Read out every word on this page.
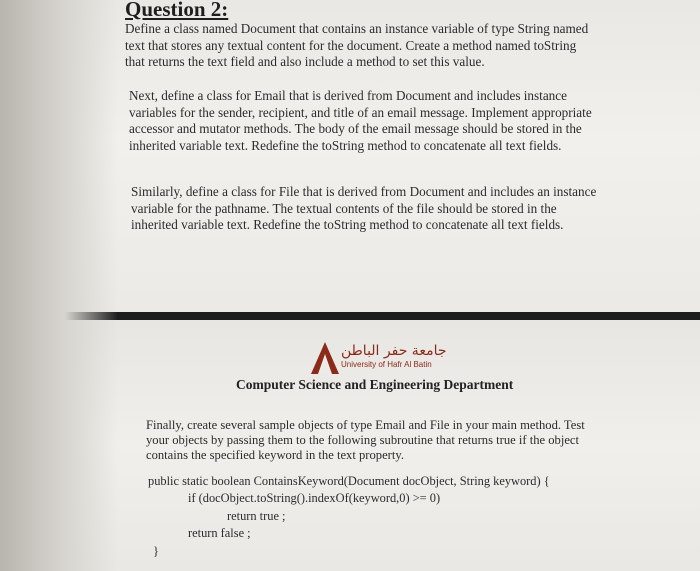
Question 2:
Define a class named Document that contains an instance variable of type String named text that stores any textual content for the document. Create a method named toString that returns the text field and also include a method to set this value.
Next, define a class for Email that is derived from Document and includes instance variables for the sender, recipient, and title of an email message. Implement appropriate accessor and mutator methods. The body of the email message should be stored in the inherited variable text. Redefine the toString method to concatenate all text fields.
Similarly, define a class for File that is derived from Document and includes an instance variable for the pathname. The textual contents of the file should be stored in the inherited variable text. Redefine the toString method to concatenate all text fields.
جامعة حفر الباطن
University of Hafr Al Batin
Computer Science and Engineering Department
Finally, create several sample objects of type Email and File in your main method. Test your objects by passing them to the following subroutine that returns true if the object contains the specified keyword in the text property.
public static boolean ContainsKeyword(Document docObject, String keyword) {
if (docObject.toString().indexOf(keyword,0) >= 0)
return true ;
return false ;
}
